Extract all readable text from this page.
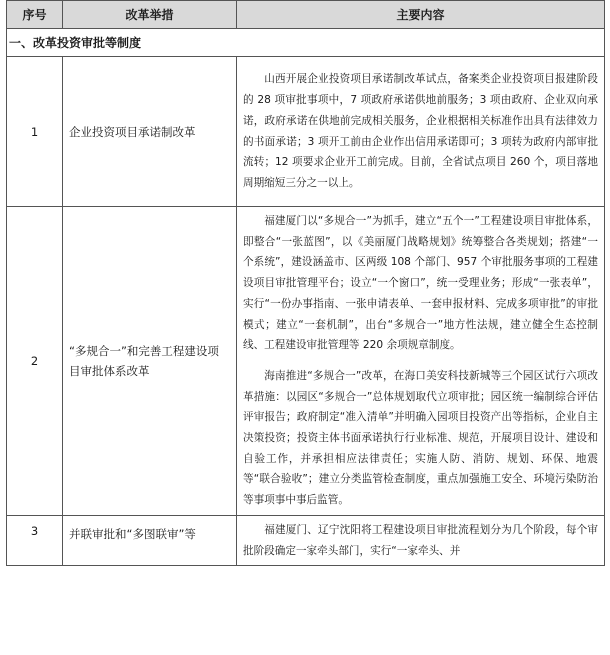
序号	改革举措	主要内容
一、改革投资审批等制度		
1	企业投资项目承诺制改革	山西开展企业投资项目承诺制改革试点，备案类企业投资项目报建阶段的 28 项审批事项中，7 项政府承诺供地前服务；3 项由政府、企业双向承诺，政府承诺在供地前完成相关服务，企业根据相关标准作出具有法律效力的书面承诺；3 项开工前由企业作出信用承诺即可；3 项转为政府内部审批流转；12 项要求企业开工前完成。目前，全省试点项目 260 个，项目落地周期缩短三分之一以上。

2	“多规合一”和完善工程建设项目审批体系改革	福建厦门以“多规合一”为抓手，建立“五个一”工程建设项目审批体系，即整合“一张蓝图”，以《美丽厦门战略规划》统筹整合各类规划；搭建“一个系统”，建设涵盖市、区两级 108 个部门、957 个审批服务事项的工程建设项目审批管理平台；设立“一个窗口”，统一受理业务；形成“一张表单”，实行“一份办事指南、一张申请表单、一套申报材料、完成多项审批”的审批模式；建立“一套机制”，出台“多规合一”地方性法规，建立健全生态控制线、工程建设审批管理等 220 余项规章制度。

海南推进“多规合一”改革，在海口美安科技新城等三个园区试行六项改革措施：以园区“多规合一”总体规划取代立项审批；园区统一编制综合评估评审报告；政府制定“准入清单”并明确入园项目投资产出等指标，企业自主决策投资；投资主体书面承诺执行行业标准、规范，开展项目设计、建设和自验工作，并承担相应法律责任；实施人防、消防、规划、环保、地震等“联合验收”；建立分类监管检查制度，重点加强施工安全、环境污染防治等事项事中事后监管。

3	并联审批和“多图联审”等	福建厦门、辽宁沈阳将工程建设项目审批流程划分为几个阶段，每个审批阶段确定一家牵头部门，实行“一家牵头、并
